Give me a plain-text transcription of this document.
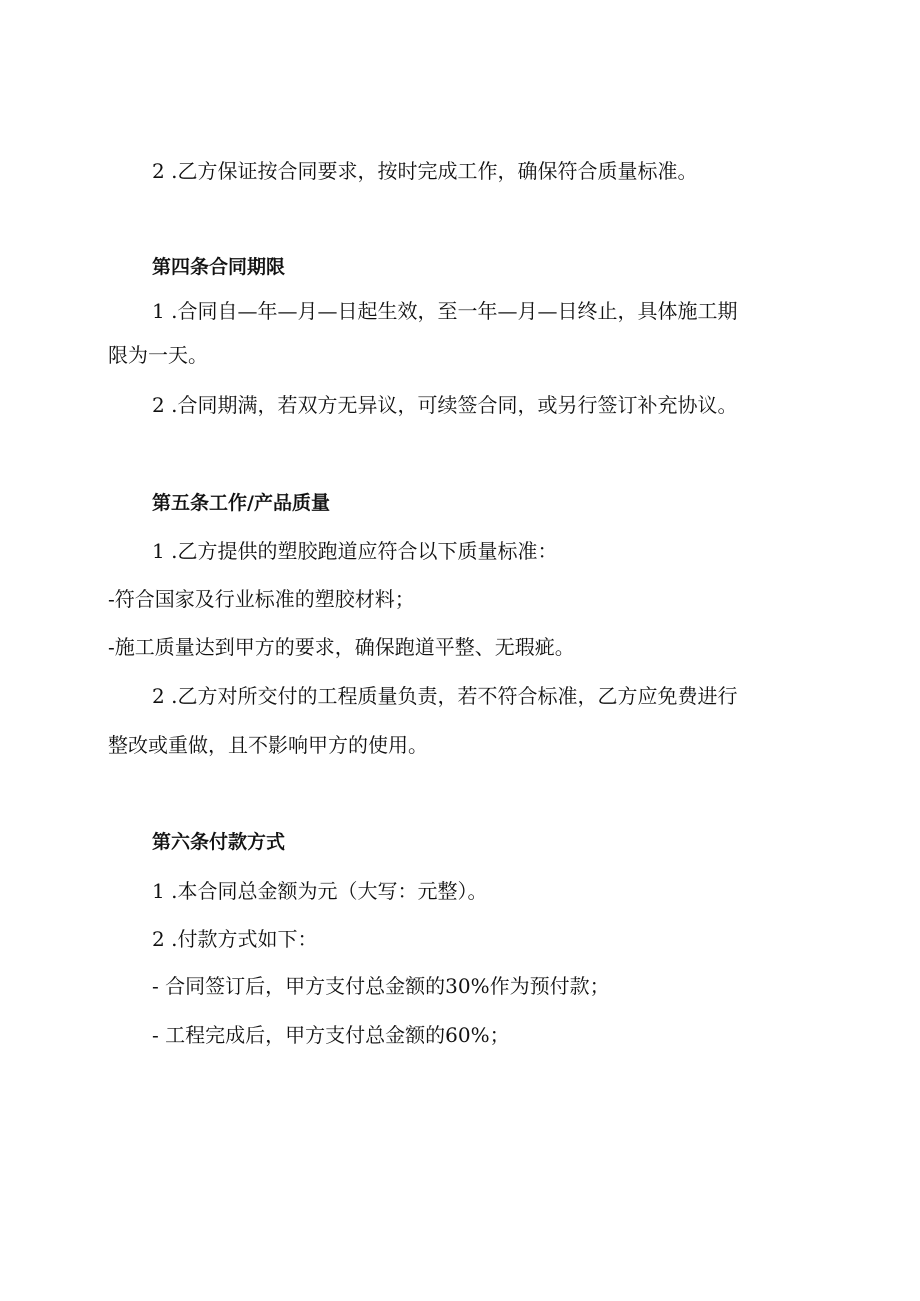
2 .乙方保证按合同要求，按时完成工作，确保符合质量标准。
第四条合同期限
1 .合同自—年—月—日起生效，至一年—月—日终止，具体施工期
限为一天。
2 .合同期满，若双方无异议，可续签合同，或另行签订补充协议。
第五条工作/产品质量
1 .乙方提供的塑胶跑道应符合以下质量标准：
-符合国家及行业标准的塑胶材料；
-施工质量达到甲方的要求，确保跑道平整、无瑕疵。
2 .乙方对所交付的工程质量负责，若不符合标准，乙方应免费进行
整改或重做，且不影响甲方的使用。
第六条付款方式
1 .本合同总金额为元（大写：元整）。
2 .付款方式如下：
- 合同签订后，甲方支付总金额的30%作为预付款；
- 工程完成后，甲方支付总金额的60%；
